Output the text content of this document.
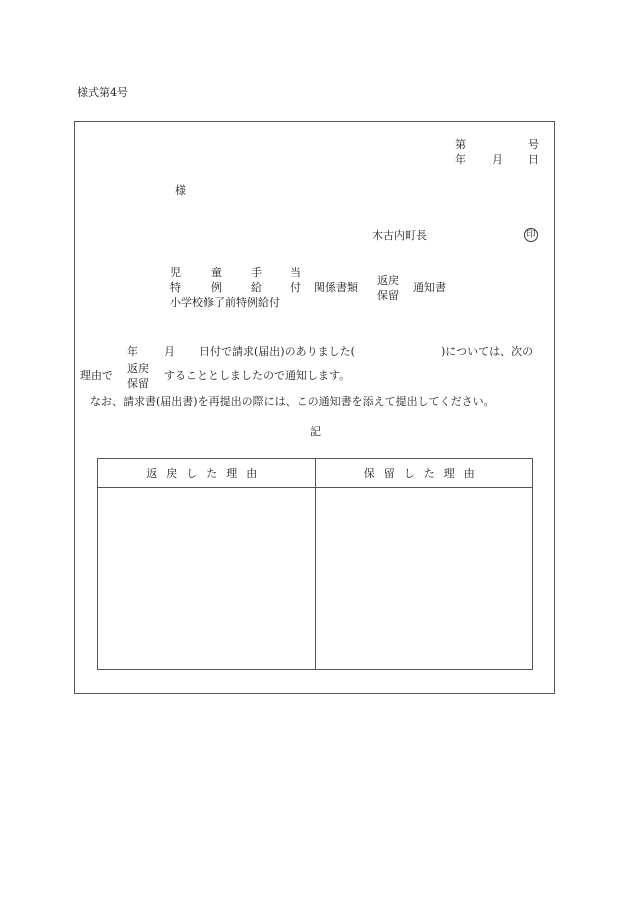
様式第4号
第	号
年 月 日
様
木古内町長	印
児	童	手	当
特	例	給	付
小学校修了前特例給付
関係書類
返戻
保留
通知書
年 月 日付で請求(届出)のありました(	)については、次の
理由で
返戻
保留
することとしましたので通知します。
なお、請求書(届出書)を再提出の際には、この通知書を添えて提出してください。
記
返戻した理由	保留した理由
